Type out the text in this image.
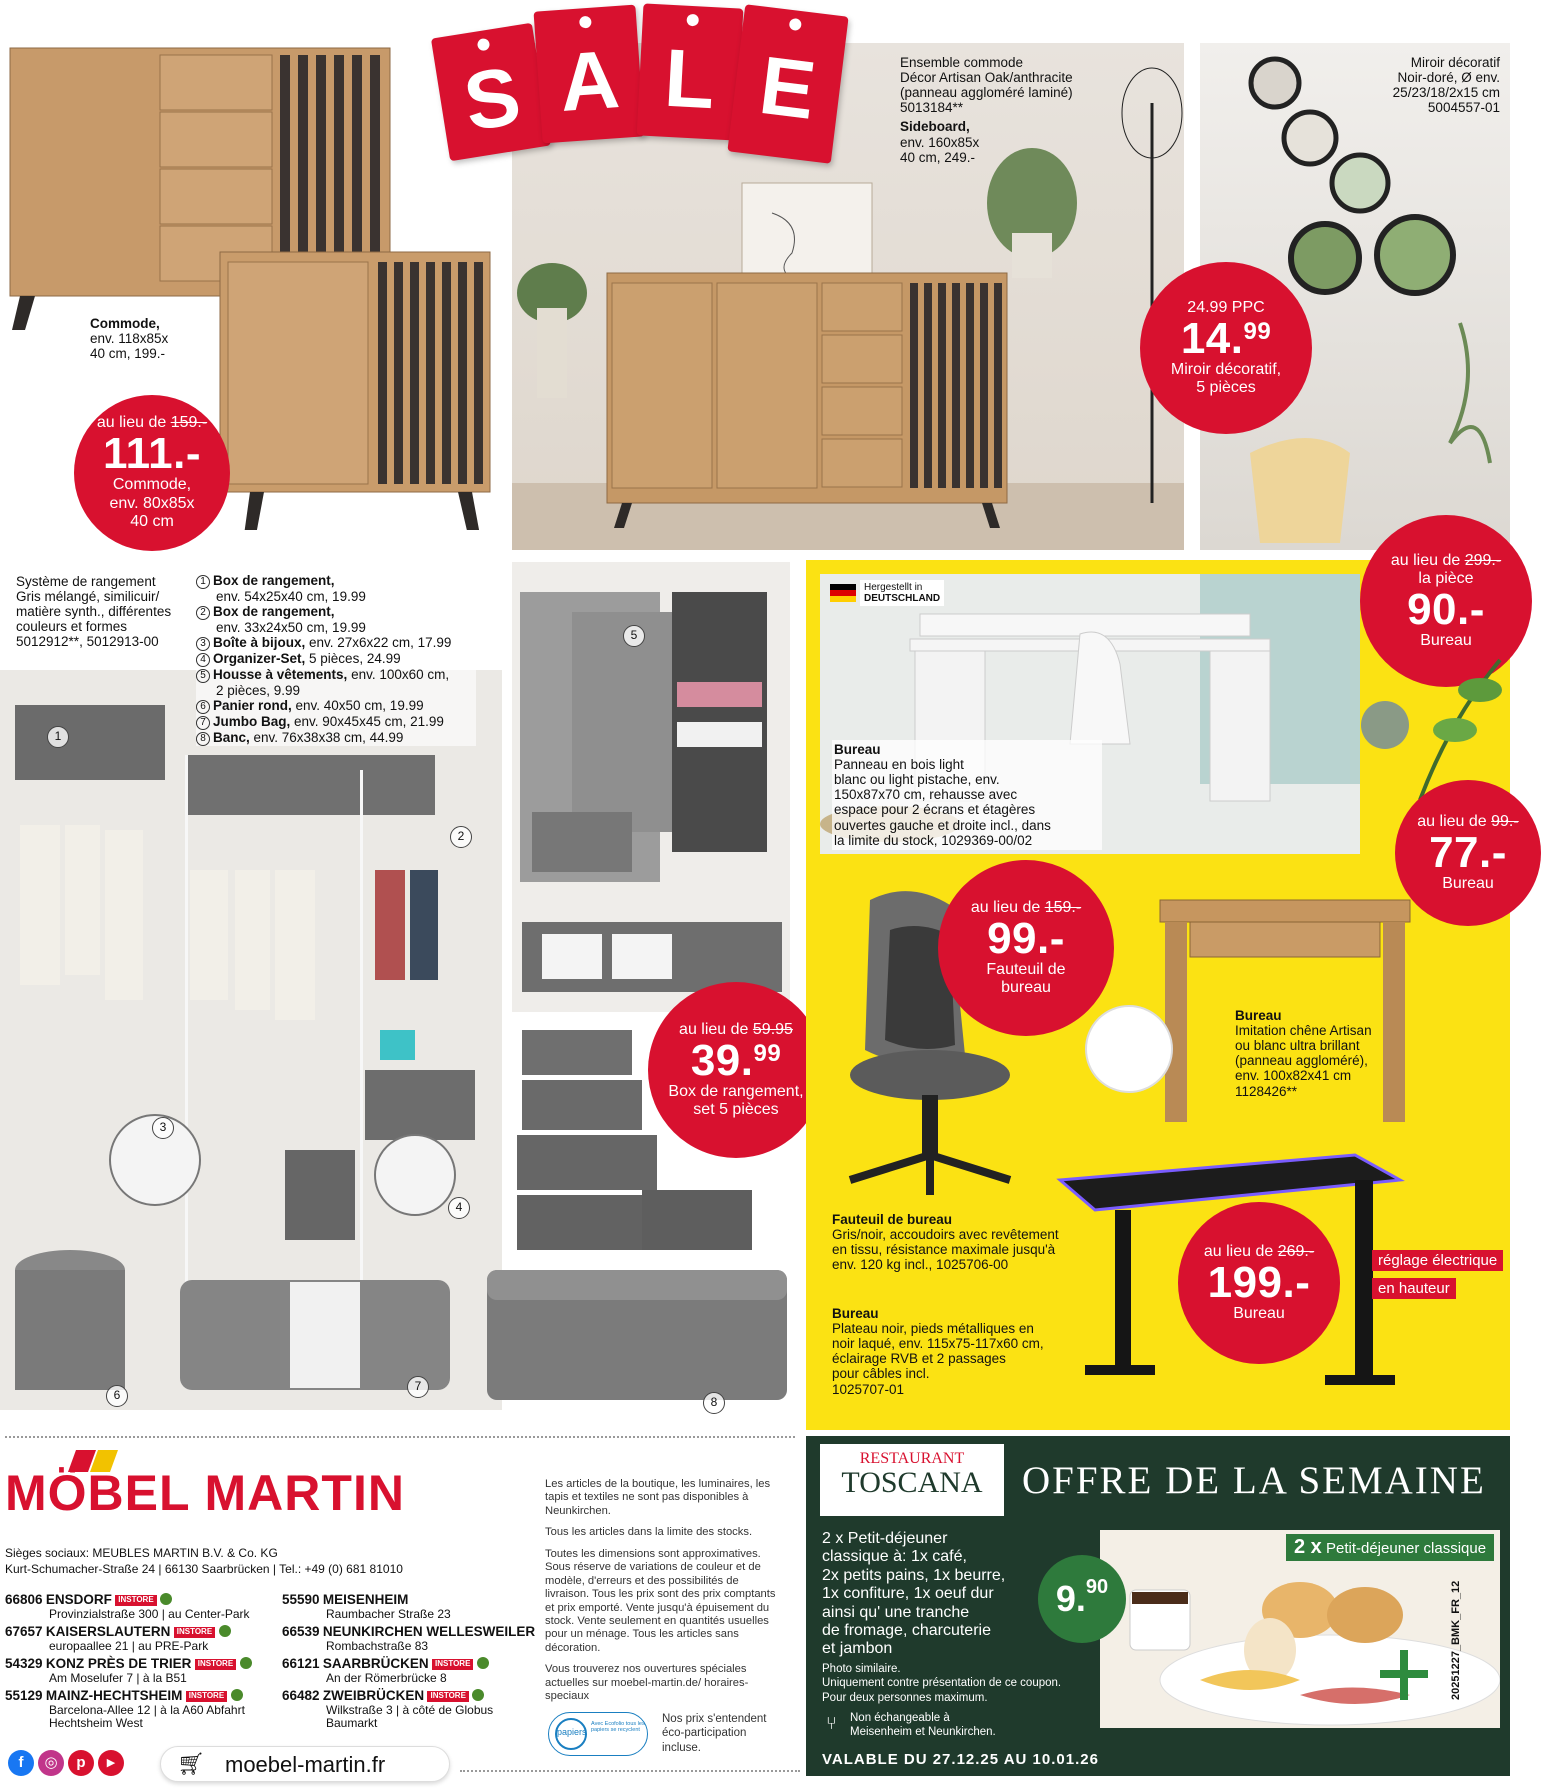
Commode,
env. 118x85x
40 cm, 199.-
au lieu de 159.-
111.-
Commode,
env. 80x85x
40 cm
Ensemble commode
Décor Artisan Oak/anthracite
(panneau aggloméré laminé)
5013184**
Sideboard,
env. 160x85x
40 cm, 249.-
S A L E	Miroir décoratif
Noir-doré, Ø env.
25/23/18/2x15 cm
5004557-01
24.99 PPC
14.99
Miroir décoratif,
5 pièces
Système de rangement
Gris mélangé, similicuir/
matière synth., différentes
couleurs et formes
5012912**, 5012913-00
1 Box de rangement,
env. 54x25x40 cm, 19.99
2 Box de rangement,
env. 33x24x50 cm, 19.99
3 Boîte à bijoux, env. 27x6x22 cm, 17.99
4 Organizer-Set, 5 pièces, 24.99
5 Housse à vêtements, env. 100x60 cm,
2 pièces, 9.99
6 Panier rond, env. 40x50 cm, 19.99
7 Jumbo Bag, env. 90x45x45 cm, 21.99
8 Banc, env. 76x38x38 cm, 44.99
1
2
3
4
5
6
7
8
au lieu de 59.95
39.99
Box de rangement,
set 5 pièces
Hergestellt in
DEUTSCHLAND
Bureau
Panneau en bois light
blanc ou light pistache, env.
150x87x70 cm, rehausse avec
espace pour 2 écrans et étagères
ouvertes gauche et droite incl., dans
la limite du stock, 1029369-00/02
au lieu de 299.-
la pièce
90.-
Bureau
au lieu de 99.-
77.-
Bureau
Bureau
Imitation chêne Artisan
ou blanc ultra brillant
(panneau aggloméré),
env. 100x82x41 cm
1128426**
au lieu de 159.-
99.-
Fauteuil de
bureau
Fauteuil de bureau
Gris/noir, accoudoirs avec revêtement
en tissu, résistance maximale jusqu'à
env. 120 kg incl., 1025706-00
Bureau
Plateau noir, pieds métalliques en
noir laqué, env. 115x75-117x60 cm,
éclairage RVB et 2 passages
pour câbles incl.
1025707-01
au lieu de 269.-
199.-
Bureau
réglage électrique
en hauteur
MÖBEL MARTIN
Sièges sociaux: MEUBLES MARTIN B.V. & Co. KG
Kurt-Schumacher-Straße 24 | 66130 Saarbrücken | Tel.: +49 (0) 681 81010
66806 ENSDORF INSTORE
Provinzialstraße 300 | au Center-Park
67657 KAISERSLAUTERN INSTORE
europaallee 21 | au PRE-Park
54329 KONZ PRÈS DE TRIER INSTORE
Am Moselufer 7 | à la B51
55129 MAINZ-HECHTSHEIM INSTORE
Barcelona-Allee 12 | à la A60 Abfahrt
Hechtsheim West
55590 MEISENHEIM
Raumbacher Straße 23
66539 NEUNKIRCHEN WELLESWEILER
Rombachstraße 83
66121 SAARBRÜCKEN INSTORE
An der Römerbrücke 8
66482 ZWEIBRÜCKEN INSTORE
Wilkstraße 3 | à côté de Globus
Baumarkt
f	◎	p	▶	🛒︎ moebel-martin.fr

Les articles de la boutique, les luminaires, les tapis et textiles ne sont pas disponibles à Neunkirchen.

Tous les articles dans la limite des stocks.

Toutes les dimensions sont approximatives. Sous réserve de variations de couleur et de modèle, d'erreurs et des possibilités de livraison. Tous les prix sont des prix comptants et prix emporté. Vente jusqu'à épuisement du stock. Vente seulement en quantités usuelles pour un ménage. Tous les articles sans décoration.

Vous trouverez nos ouvertures spéciales actuelles sur moebel-martin.de/ horaires-speciaux

papiers
Avec Ecofolio tous les papiers se recyclent
Nos prix s'entendent éco-participation incluse.
RESTAURANT
TOSCANA	OFFRE DE LA SEMAINE
2 x Petit-déjeuner classique
2 x Petit-déjeuner
classique à: 1x café,
2x petits pains, 1x beurre,
1x confiture, 1x oeuf dur
ainsi qu' une tranche
de fromage, charcuterie
et jambon
9.90
Photo similaire.
Uniquement contre présentation de ce coupon.
Pour deux personnes maximum.
⑂ Non échangeable à
Meisenheim et Neunkirchen.
VALABLE DU 27.12.25 AU 10.01.26
20251227_BMK_FR_12
